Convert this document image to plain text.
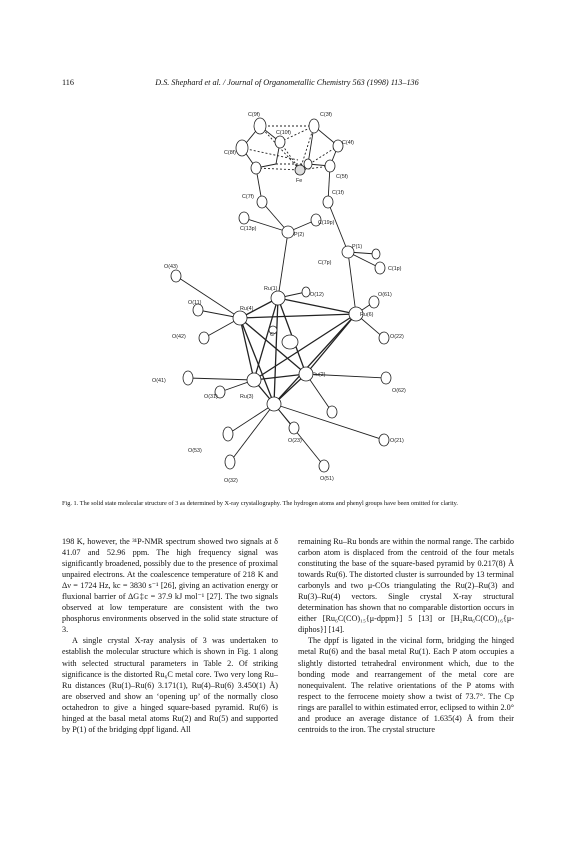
116	D.S. Shephard et al. / Journal of Organometallic Chemistry 563 (1998) 113–136
C(9f)
C(10f)
C(3f)
C(4f)
C(8f)
Fe
C(5f)
C(1f)
C(7f)
C(13p)
P(2)
C(19p)
P(1)
C(7p)
C(1p)
O(43)
Ru(1)
O(12)
O(11)
Ru(4)
O(61)
Ru(6)
O(42)	C	O(22)
O(41)
O(31)	Ru(3)
Ru(2)
O(62)
O(23)
O(53)
O(21)
O(51)
O(32)
Fig. 1. The solid state molecular structure of 3 as determined by X-ray crystallography. The hydrogen atoms and phenyl groups have been omitted for clarity.

198 K, however, the ³¹P-NMR spectrum showed two signals at δ 41.07 and 52.96 ppm. The high frequency signal was significantly broadened, possibly due to the presence of proximal unpaired electrons. At the coalescence temperature of 218 K and Δν = 1724 Hz, kc = 3830 s⁻¹ [26], giving an activation energy or fluxional barrier of ΔG‡c = 37.9 kJ mol⁻¹ [27]. The two signals observed at low temperature are consistent with the two phosphorus environments observed in the solid state structure of 3.

A single crystal X-ray analysis of 3 was undertaken to establish the molecular structure which is shown in Fig. 1 along with selected structural parameters in Table 2. Of striking significance is the distorted Ru₆C metal core. Two very long Ru–Ru distances (Ru(1)–Ru(6) 3.171(1), Ru(4)–Ru(6) 3.450(1) Å) are observed and show an ‘opening up’ of the normally closo octahedron to give a hinged square-based pyramid. Ru(6) is hinged at the basal metal atoms Ru(2) and Ru(5) and supported by P(1) of the bridging dppf ligand. All

remaining Ru–Ru bonds are within the normal range. The carbido carbon atom is displaced from the centroid of the four metals constituting the base of the square-based pyramid by 0.217(8) Å towards Ru(6). The distorted cluster is surrounded by 13 terminal carbonyls and two μ-COs triangulating the Ru(2)–Ru(3) and Ru(3)–Ru(4) vectors. Single crystal X-ray structural determination has shown that no comparable distortion occurs in either [Ru₆C(CO)₁₅{μ-dppm}] 5 [13] or [H₂Ru₆C(CO)₁₆{μ-diphos}] [14].

The dppf is ligated in the vicinal form, bridging the hinged metal Ru(6) and the basal metal Ru(1). Each P atom occupies a slightly distorted tetrahedral environment which, due to the bonding mode and rearrangement of the metal core are nonequivalent. The relative orientations of the P atoms with respect to the ferrocene moiety show a twist of 73.7°. The Cp rings are parallel to within estimated error, eclipsed to within 2.0° and produce an average distance of 1.635(4) Å from their centroids to the iron. The crystal structure
